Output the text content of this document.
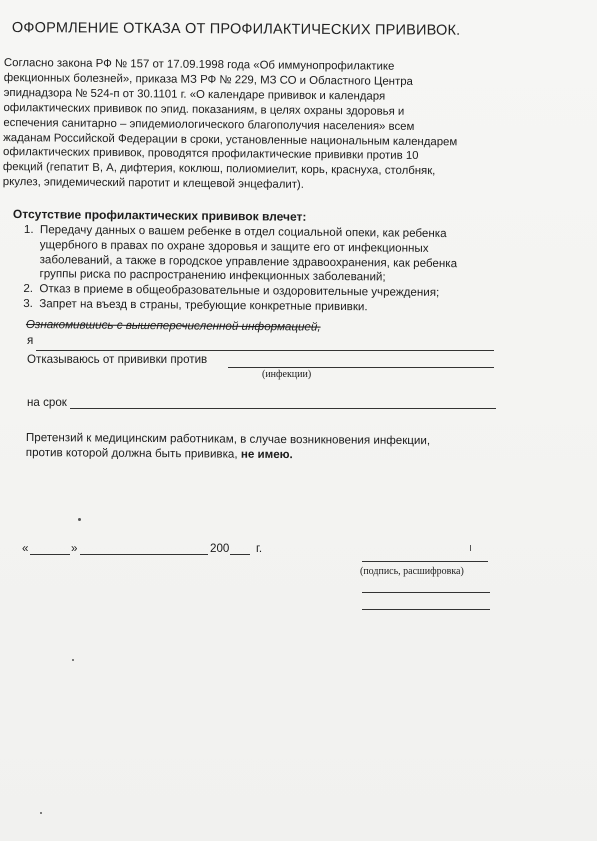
ОФОРМЛЕНИЕ ОТКАЗА ОТ ПРОФИЛАКТИЧЕСКИХ ПРИВИВОК.
Согласно закона РФ № 157 от 17.09.1998 года «Об иммунопрофилактике
фекционных болезней», приказа МЗ РФ № 229, МЗ СО и Областного Центра
эпиднадзора № 524-п от 30.1101 г. «О календаре прививок и календаря
офилактических прививок по эпид. показаниям, в целях охраны здоровья и
еспечения санитарно – эпидемиологического благополучия населения» всем
жаданам Российской Федерации в сроки, установленные национальным календарем
офилактических прививок, проводятся профилактические прививки против 10
фекций (гепатит В, А, дифтерия, коклюш, полиомиелит, корь, краснуха, столбняк,
ркулез, эпидемический паротит и клещевой энцефалит).
Отсутствие профилактических прививок влечет:
1. Передачу данных о вашем ребенке в отдел социальной опеки, как ребенка
ущербного в правах по охране здоровья и защите его от инфекционных
заболеваний, а также в городское управление здравоохранения, как ребенка
группы риска по распространению инфекционных заболеваний;
2. Отказ в приеме в общеобразовательные и оздоровительные учреждения;
3. Запрет на въезд в страны, требующие конкретные прививки.
Ознакомившись с вышеперечисленной информацией,
я
Отказываюсь от прививки против
(инфекции)
на срок
Претензий к медицинским работникам, в случае возникновения инфекции,
против которой должна быть прививка, не имею.
«	»	200 г.
(подпись, расшифровка)
